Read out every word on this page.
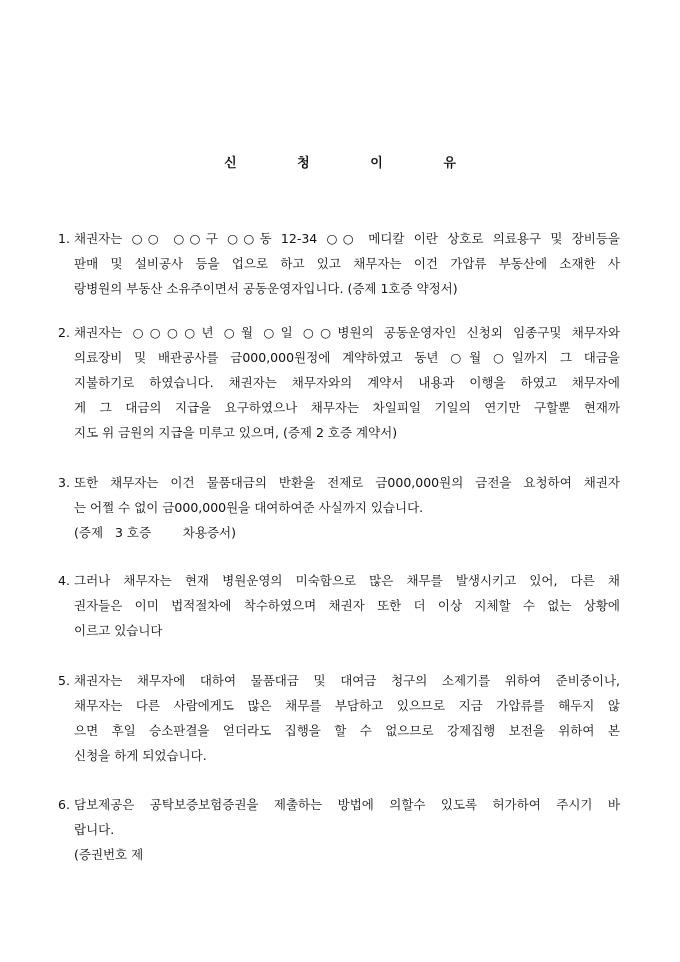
신 청 이 유
1. 채권자는 ○○ ○○구 ○○동 12-34 ○○ 메디칼 이란 상호로 의료용구 및 장비등을
판매 및 설비공사 등을 업으로 하고 있고 채무자는 이건 가압류 부동산에 소재한 사
랑병원의 부동산 소유주이면서 공동운영자입니다. (증제 1호증 약정서)
2. 채권자는 ○○○○년 ○월 ○일 ○○병원의 공동운영자인 신청외 임종구및 채무자와
의료장비 및 배관공사를 금000,000원정에 계약하였고 동년 ○월 ○일까지 그 대금을
지불하기로 하였습니다. 채권자는 채무자와의 계약서 내용과 이행을 하였고 채무자에
게 그 대금의 지급을 요구하였으나 채무자는 차일피일 기일의 연기만 구할뿐 현재까
지도 위 금원의 지급을 미루고 있으며, (증제 2 호증 계약서)
3. 또한 채무자는 이건 물품대금의 반환을 전제로 금000,000원의 금전을 요청하여 채권자
는 어쩔 수 없이 금000,000원을 대여하여준 사실까지 있습니다.
(증제   3 호증        차용증서)
4. 그러나 채무자는 현재 병원운영의 미숙함으로 많은 채무를 발생시키고 있어, 다른 채
권자들은 이미 법적절차에 착수하였으며 채권자 또한 더 이상 지체할 수 없는 상황에
이르고 있습니다
5. 채권자는 채무자에 대하여 물품대금 및 대여금 청구의 소제기를 위하여 준비중이나,
채무자는 다른 사람에게도 많은 채무를 부담하고 있으므로 지금 가압류를 해두지 않
으면 후일 승소판결을 얻더라도 집행을 할 수 없으므로 강제집행 보전을 위하여 본
신청을 하게 되었습니다.
6. 담보제공은 공탁보증보험증권을 제출하는 방법에 의할수 있도록 허가하여 주시기 바
랍니다.
(증권번호 제
